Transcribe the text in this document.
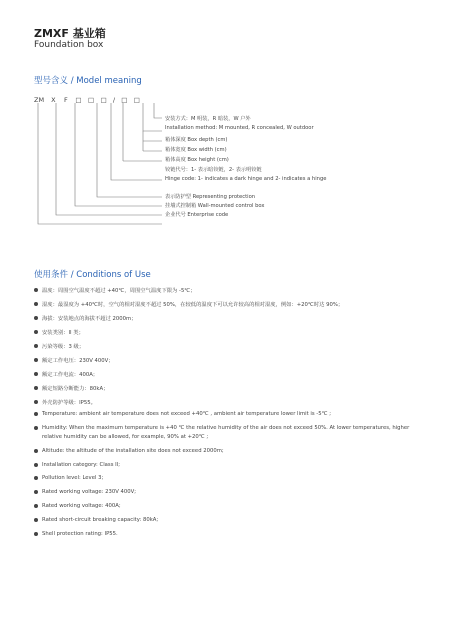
ZMXF 基业箱
Foundation box
型号含义 / Model meaning
ZM X F □ □ □ / □ □
安装方式：M 明装，R 暗装，W 户外
Installation method: M mounted, R concealed, W outdoor
箱体深度 Box depth (cm)
箱体宽度 Box width (cm)
箱体高度 Box height (cm)
铰链代号：1- 表示暗铰链，2- 表示明铰链
Hinge code: 1- indicates a dark hinge and 2- indicates a hinge
表示防护型 Representing protection
挂墙式控制箱 Wall-mounted control box
企业代号 Enterprise code
使用条件 / Conditions of Use
温度：周围空气温度不超过 +40℃，周围空气温度下限为 -5℃；
湿度：最湿度为 +40℃时，空气的相对湿度不超过 50%，在较低的温度下可以允许较高的相对湿度，例如：+20℃时达 90%；
海拔：安装地点的海拔不超过 2000m；
安装类别：II 类；
污染等级：3 级；
额定工作电压：230V 400V；
额定工作电流：400A；
额定短路分断能力：80kA；
外壳防护等级：IP55。
Temperature: ambient air temperature does not exceed +40℃ , ambient air temperature lower limit is -5℃ ;
Humidity: When the maximum temperature is +40 ℃ the relative humidity of the air does not exceed 50%. At lower temperatures, higher
relative humidity can be allowed, for example, 90% at +20℃ ;
Altitude: the altitude of the installation site does not exceed 2000m;
Installation category: Class II;
Pollution level: Level 3;
Rated working voltage: 230V 400V;
Rated working voltage: 400A;
Rated short-circuit breaking capacity: 80kA;
Shell protection rating: IP55.
